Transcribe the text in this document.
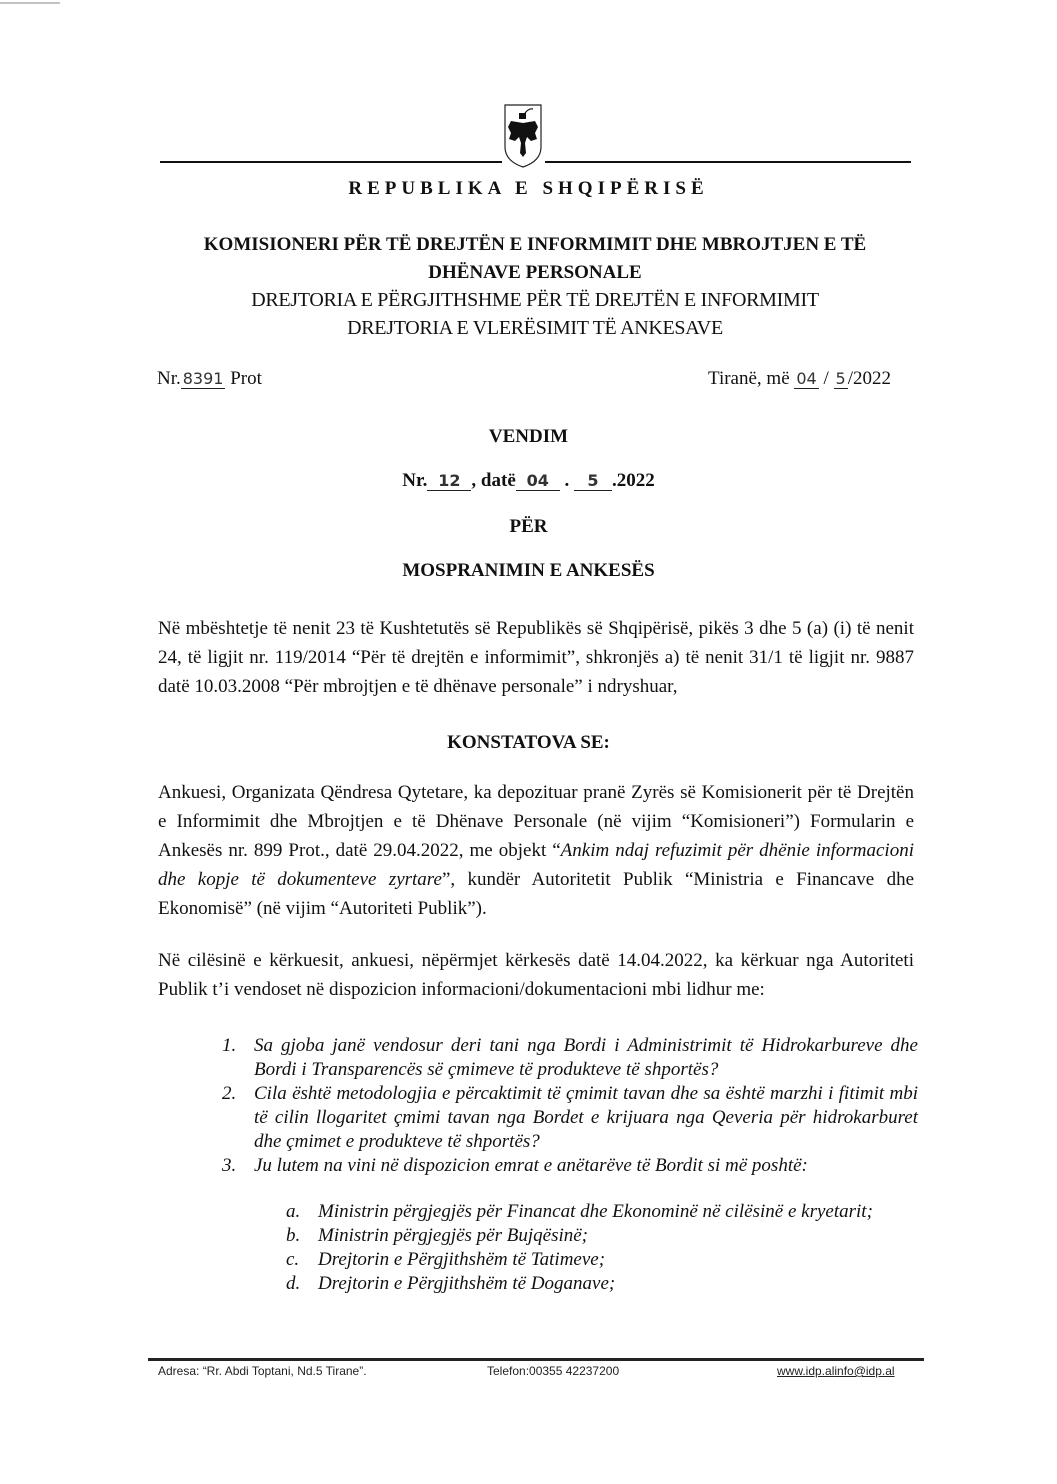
REPUBLIKA E SHQIPËRISË
KOMISIONERI PËR TË DREJTËN E INFORMIMIT DHE MBROJTJEN E TË
DHËNAVE PERSONALE
DREJTORIA E PËRGJITHSHME PËR TË DREJTËN E INFORMIMIT
DREJTORIA E VLERËSIMIT TË ANKESAVE
Nr. 8391 Prot	Tiranë, më 04 / 5 /2022
VENDIM
Nr. 12 , datë 04 . 5 .2022
PËR
MOSPRANIMIN E ANKESËS
Në mbështetje të nenit 23 të Kushtetutës së Republikës së Shqipërisë, pikës 3 dhe 5 (a) (i) të nenit 24, të ligjit nr. 119/2014 “Për të drejtën e informimit”, shkronjës a) të nenit 31/1 të ligjit nr. 9887 datë 10.03.2008 “Për mbrojtjen e të dhënave personale” i ndryshuar,
KONSTATOVA SE:
Ankuesi, Organizata Qëndresa Qytetare, ka depozituar pranë Zyrës së Komisionerit për të Drejtën e Informimit dhe Mbrojtjen e të Dhënave Personale (në vijim “Komisioneri”) Formularin e Ankesës nr. 899 Prot., datë 29.04.2022, me objekt “Ankim ndaj refuzimit për dhënie informacioni dhe kopje të dokumenteve zyrtare”, kundër Autoritetit Publik “Ministria e Financave dhe Ekonomisë” (në vijim “Autoriteti Publik”).
Në cilësinë e kërkuesit, ankuesi, nëpërmjet kërkesës datë 14.04.2022, ka kërkuar nga Autoriteti Publik t’i vendoset në dispozicion informacioni/dokumentacioni mbi lidhur me:
1. Sa gjoba janë vendosur deri tani nga Bordi i Administrimit të Hidrokarbureve dhe Bordi i Transparencës së çmimeve të produkteve të shportës?
2. Cila është metodologjia e përcaktimit të çmimit tavan dhe sa është marzhi i fitimit mbi të cilin llogaritet çmimi tavan nga Bordet e krijuara nga Qeveria për hidrokarburet dhe çmimet e produkteve të shportës?
3. Ju lutem na vini në dispozicion emrat e anëtarëve të Bordit si më poshtë:
a. Ministrin përgjegjës për Financat dhe Ekonominë në cilësinë e kryetarit;
b. Ministrin përgjegjës për Bujqësinë;
c. Drejtorin e Përgjithshëm të Tatimeve;
d. Drejtorin e Përgjithshëm të Doganave;
Adresa: “Rr. Abdi Toptani, Nd.5 Tirane”.	Telefon:00355 42237200	www.idp.alinfo@idp.al
